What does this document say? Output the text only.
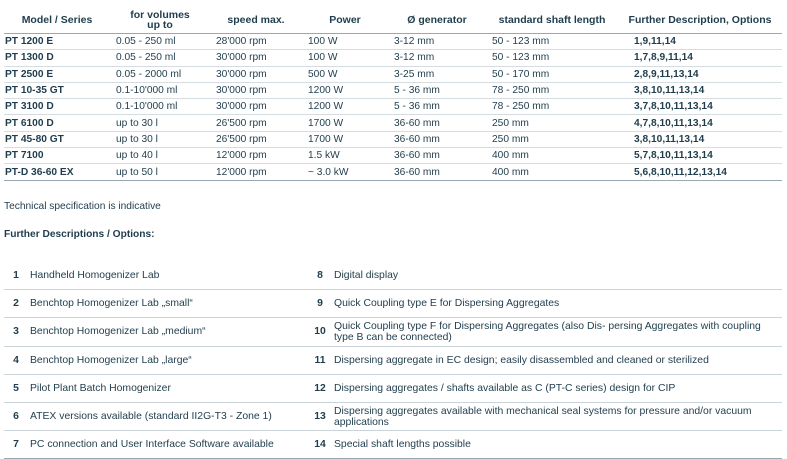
Model / Series	for volumes up to	speed max.	Power	Ø generator	standard shaft length	Further Description, Options
PT 1200 E	0.05 - 250 ml	28'000 rpm	100 W	3-12 mm	50 - 123 mm	1,9,11,14
PT 1300 D	0.05 - 250 ml	30'000 rpm	100 W	3-12 mm	50 - 123 mm	1,7,8,9,11,14
PT 2500 E	0.05 - 2000 ml	30'000 rpm	500 W	3-25 mm	50 - 170 mm	2,8,9,11,13,14
PT 10-35 GT	0.1-10'000 ml	30'000 rpm	1200 W	5 - 36 mm	78 - 250 mm	3,8,10,11,13,14
PT 3100 D	0.1-10'000 ml	30'000 rpm	1200 W	5 - 36 mm	78 - 250 mm	3,7,8,10,11,13,14
PT 6100 D	up to 30 l	26'500 rpm	1700 W	36-60 mm	250 mm	4,7,8,10,11,13,14
PT 45-80 GT	up to 30 l	26'500 rpm	1700 W	36-60 mm	250 mm	3,8,10,11,13,14
PT 7100	up to 40 l	12'000 rpm	1.5 kW	36-60 mm	400 mm	5,7,8,10,11,13,14
PT-D 36-60 EX	up to 50 l	12'000 rpm	~ 3.0 kW	36-60 mm	400 mm	5,6,8,10,11,12,13,14
Technical specification is indicative
Further Descriptions / Options:
1	Handheld Homogenizer Lab	8	Digital display
2	Benchtop Homogenizer Lab „small“	9	Quick Coupling type E for Dispersing Aggregates
3	Benchtop Homogenizer Lab „medium“	10 Quick Coupling type F for Dispersing Aggregates (also Dis- persing Aggregates with coupling type B can be connected)
4	Benchtop Homogenizer Lab „large“	11 Dispersing aggregate in EC design; easily disassembled and cleaned or sterilized
5	Pilot Plant Batch Homogenizer	12 Dispersing aggregates / shafts available as C (PT-C series) design for CIP
6	ATEX versions available (standard II2G-T3 - Zone 1)	13 Dispersing aggregates available with mechanical seal systems for pressure and/or vacuum applications
7	PC connection and User Interface Software available	14 Special shaft lengths possible
